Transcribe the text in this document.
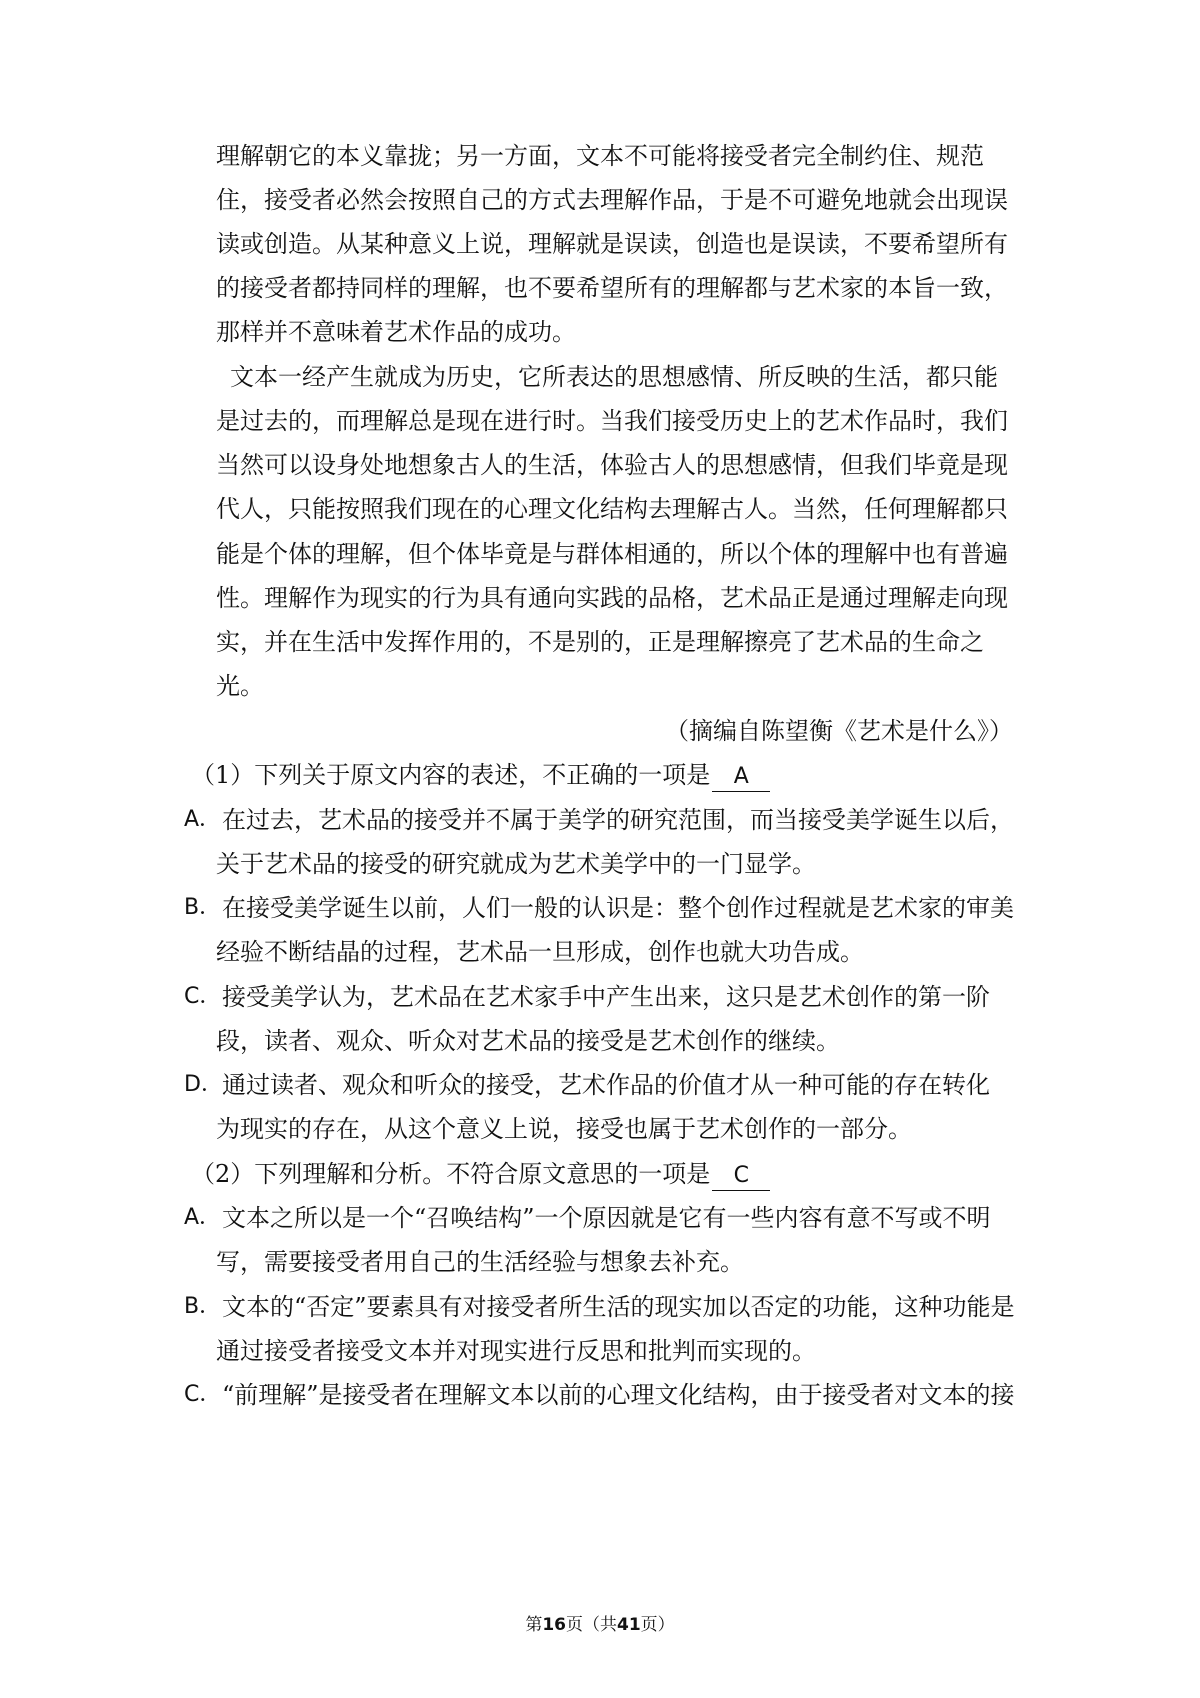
理解朝它的本义靠拢；另一方面，文本不可能将接受者完全制约住、规范
住，接受者必然会按照自己的方式去理解作品，于是不可避免地就会出现误
读或创造。从某种意义上说，理解就是误读，创造也是误读，不要希望所有
的接受者都持同样的理解，也不要希望所有的理解都与艺术家的本旨一致，
那样并不意味着艺术作品的成功。
文本一经产生就成为历史，它所表达的思想感情、所反映的生活，都只能
是过去的，而理解总是现在进行时。当我们接受历史上的艺术作品时，我们
当然可以设身处地想象古人的生活，体验古人的思想感情，但我们毕竟是现
代人，只能按照我们现在的心理文化结构去理解古人。当然，任何理解都只
能是个体的理解，但个体毕竟是与群体相通的，所以个体的理解中也有普遍
性。理解作为现实的行为具有通向实践的品格，艺术品正是通过理解走向现
实，并在生活中发挥作用的，不是别的，正是理解擦亮了艺术品的生命之
光。
（摘编自陈望衡《艺术是什么》）
（1）下列关于原文内容的表述，不正确的一项是 A
A． 在过去，艺术品的接受并不属于美学的研究范围，而当接受美学诞生以后，
关于艺术品的接受的研究就成为艺术美学中的一门显学。
B． 在接受美学诞生以前，人们一般的认识是：整个创作过程就是艺术家的审美
经验不断结晶的过程，艺术品一旦形成，创作也就大功告成。
C． 接受美学认为，艺术品在艺术家手中产生出来，这只是艺术创作的第一阶
段，读者、观众、听众对艺术品的接受是艺术创作的继续。
D． 通过读者、观众和听众的接受，艺术作品的价值才从一种可能的存在转化
为现实的存在，从这个意义上说，接受也属于艺术创作的一部分。
（2）下列理解和分析。不符合原文意思的一项是 C
A． 文本之所以是一个“召唤结构”一个原因就是它有一些内容有意不写或不明
写，需要接受者用自己的生活经验与想象去补充。
B． 文本的“否定”要素具有对接受者所生活的现实加以否定的功能，这种功能是
通过接受者接受文本并对现实进行反思和批判而实现的。
C． “前理解”是接受者在理解文本以前的心理文化结构，由于接受者对文本的接
第16页（共41页）
